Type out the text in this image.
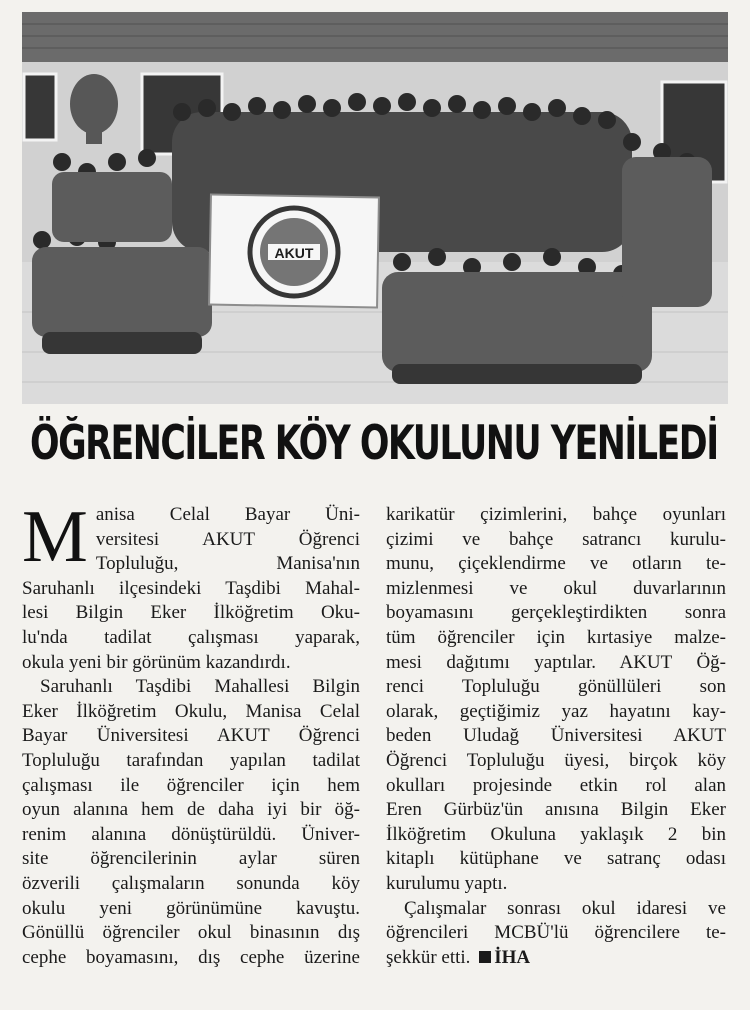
AKUT
ÖĞRENCİLER KÖY OKULUNU YENİLEDİ
M anisa Celal Bayar Üni-
versitesi AKUT Öğrenci
Topluluğu, Manisa'nın
Saruhanlı ilçesindeki Taşdibi Mahal-
lesi Bilgin Eker İlköğretim Oku-
lu'nda tadilat çalışması yaparak,
okula yeni bir görünüm kazandırdı.
Saruhanlı Taşdibi Mahallesi Bilgin
Eker İlköğretim Okulu, Manisa Celal
Bayar Üniversitesi AKUT Öğrenci
Topluluğu tarafından yapılan tadilat
çalışması ile öğrenciler için hem
oyun alanına hem de daha iyi bir öğ-
renim alanına dönüştürüldü. Üniver-
site öğrencilerinin aylar süren
özverili çalışmaların sonunda köy
okulu yeni görünümüne kavuştu.
Gönüllü öğrenciler okul binasının dış
cephe boyamasını, dış cephe üzerine
karikatür çizimlerini, bahçe oyunları
çizimi ve bahçe satrancı kurulu-
munu, çiçeklendirme ve otların te-
mizlenmesi ve okul duvarlarının
boyamasını gerçekleştirdikten sonra
tüm öğrenciler için kırtasiye malze-
mesi dağıtımı yaptılar. AKUT Öğ-
renci Topluluğu gönüllüleri son
olarak, geçtiğimiz yaz hayatını kay-
beden Uludağ Üniversitesi AKUT
Öğrenci Topluluğu üyesi, birçok köy
okulları projesinde etkin rol alan
Eren Gürbüz'ün anısına Bilgin Eker
İlköğretim Okuluna yaklaşık 2 bin
kitaplı kütüphane ve satranç odası
kurulumu yaptı.
Çalışmalar sonrası okul idaresi ve
öğrencileri MCBÜ'lü öğrencilere te-
şekkür etti. İHA
